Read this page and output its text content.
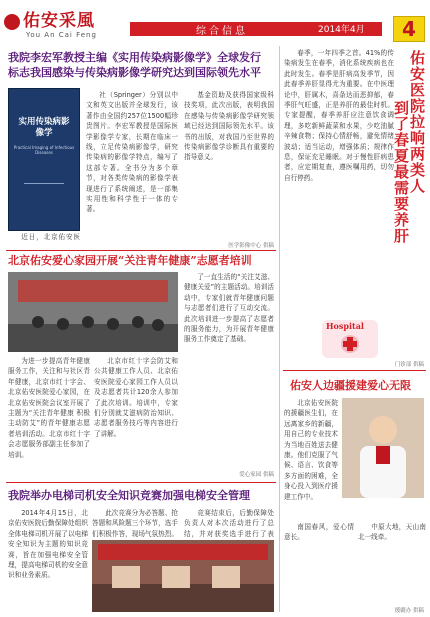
佑安采風
You An Cai Feng	综合信息	2014年4月	4
我院李宏军教授主编《实用传染病影像学》全球发行
标志我国感染与传染病影像学研究达到国际领先水平
实用传染病影像学
Practical Imaging of Infectious Diseases

近日，北京佑安医

社（Springer）分别以中文和英文出版并全球发行，该著作由全国约257位1500幅珍贵图片。李宏军教授是国际医学影像学专家，长期在临床一线，立足传染病影像学，研究传染病的影像学特点，编写了这部专著。全书分为多个章节，对各类传染病的影像学表现进行了系统阐述，是一部集实用性和科学性于一体的专著。

基金资助及获得国家级科技奖项，此次出版，表明我国在感染与传染病影像学研究领域已经达到国际领先水平。该书的出版，对我国乃至世界的传染病影像学诊断具有重要的指导意义。

医学影像中心 供稿
北京佑安爱心家园开展“关注青年健康”志愿者培训

为进一步提高青年健康服务工作，关注和与社区青年健康，北京市红十字会、北京佑安医院爱心家园，在北京佑安医院会议室开展了主题为“关注青年健康 积极主动防艾”的青年健康志愿者培训活动。北京市红十字会志愿服务部副主任参加了培训。

北京市红十字会防艾和公共健康工作人员、北京佑安医院爱心家园工作人员以及志愿者共计120余人参加了此次培训。培训中，专家们分别就艾滋病防治知识、志愿者服务技巧等内容进行了讲解。

了一直生活的“关注艾滋、健康关爱”的主题活动。培训活动中，专家们就青年健康问题与志愿者们进行了互动交流。此次培训进一步提高了志愿者的服务能力，为开展青年健康服务工作奠定了基础。

爱心家园 供稿
我院举办电梯司机安全知识竞赛加强电梯安全管理

2014年4月15日，北京佑安医院后勤保障处组织全体电梯司机开展了以电梯安全知识为主题的知识竞赛，旨在加强电梯安全管理，提高电梯司机的安全意识和业务素质。

此次竞赛分为必答题、抢答题和风险题三个环节，选手们积极作答，现场气氛热烈。

竞赛结束后，后勤保障处负责人对本次活动进行了总结，并对获奖选手进行了表

春季，一年四季之首。41%的传染病发生在春季，消化系统疾病也在此时发生。春季是肝病高发季节，因此春季养肝显得尤为重要。在中医理论中，肝属木，喜条达而恶抑郁，春季肝气旺盛，正是养肝的最佳时机。专家提醒，春季养肝应注意饮食调理，多吃新鲜蔬菜和水果，少吃油腻辛辣食物；保持心情舒畅，避免情绪波动；适当运动，增强体质；规律作息，保证充足睡眠。对于慢性肝病患者，应定期复查，遵医嘱用药，切勿自行停药。	佑安医院拉响两类人
到了春夏最需要养肝
Hospital
门诊部 供稿
佑安人边疆援建爱心无限

北京佑安医院的援疆医生们，在远离家乡的新疆，用自己的专业技术为当地百姓送去健康。他们克服了气候、语言、饮食等多方面的困难，全身心投入到医疗援建工作中。

南国春风，爱心情意长。

中原大地，天山南北一线牵。

援疆办 供稿
